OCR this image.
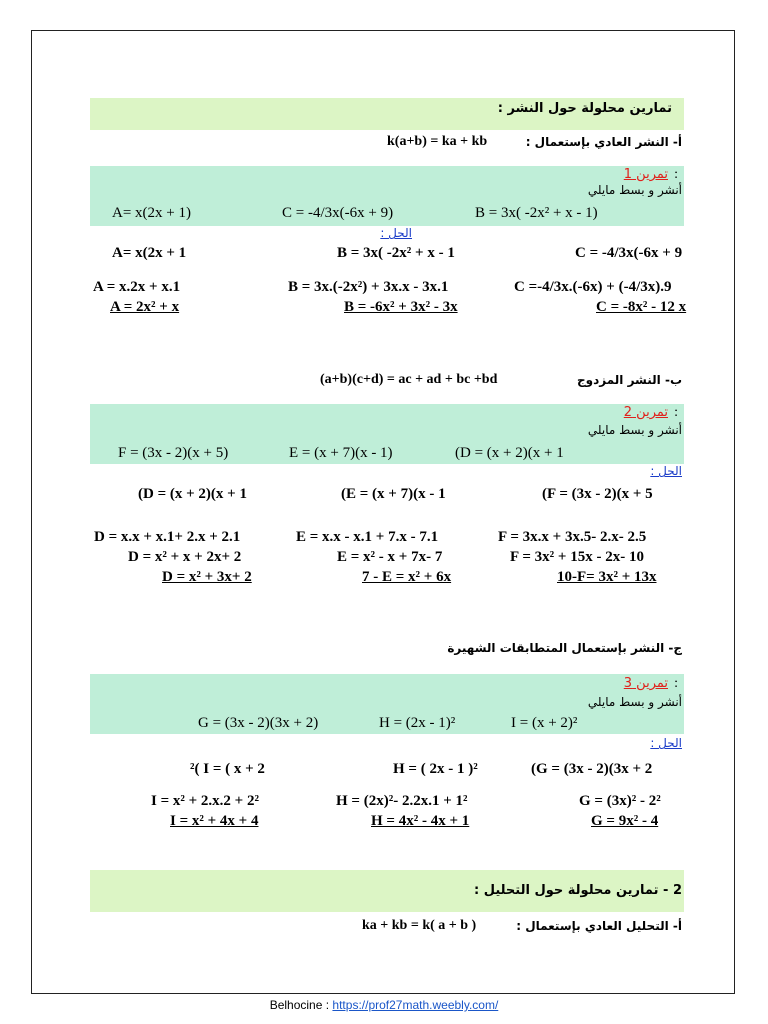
تمارين محلولة حول النشر :
أ- النشر العادي بإستعمال :
k(a+b) = ka + kb
:
تمرين 1
أنشر و بسط مايلي
A= x(2x + 1)	C = -4/3x(-6x + 9)	B = 3x( -2x² + x - 1)
الحل :
A= x(2x + 1	B = 3x( -2x² + x - 1	C = -4/3x(-6x + 9
A = x.2x + x.1	B = 3x.(-2x²) + 3x.x - 3x.1	C =-4/3x.(-6x) + (-4/3x).9
A = 2x² + x	B = -6x² + 3x² - 3x	C = -8x² - 12 x
ب- النشر المزدوج
(a+b)(c+d) = ac + ad + bc +bd
:
تمرين 2
أنشر و بسط مايلي
F = (3x - 2)(x + 5)	E = (x + 7)(x - 1)	(D = (x + 2)(x + 1
الحل :
(D = (x + 2)(x + 1	(E = (x + 7)(x - 1	(F = (3x - 2)(x + 5
D = x.x + x.1+ 2.x + 2.1	E = x.x - x.1 + 7.x - 7.1	F = 3x.x + 3x.5- 2.x- 2.5
D = x² + x + 2x+ 2	E = x² - x + 7x- 7	F = 3x² + 15x - 2x- 10
D = x² + 3x+ 2	7 - E = x² + 6x	10-F= 3x² + 13x
ج- النشر بإستعمال المتطابقات الشهيرة
:
تمرين 3
أنشر و بسط مايلي
G = (3x - 2)(3x + 2)	H = (2x - 1)²	I = (x + 2)²
الحل :
²( I = ( x + 2	H = ( 2x - 1 )²	(G = (3x - 2)(3x + 2
I = x² + 2.x.2 + 2²	H = (2x)²- 2.2x.1 + 1²	G = (3x)² - 2²
I = x² + 4x + 4	H = 4x² - 4x + 1	G = 9x² - 4
2 - تمارين محلولة حول التحليل :
أ- التحليل العادي بإستعمال :
ka + kb = k( a + b )
Belhocine : https://prof27math.weebly.com/
